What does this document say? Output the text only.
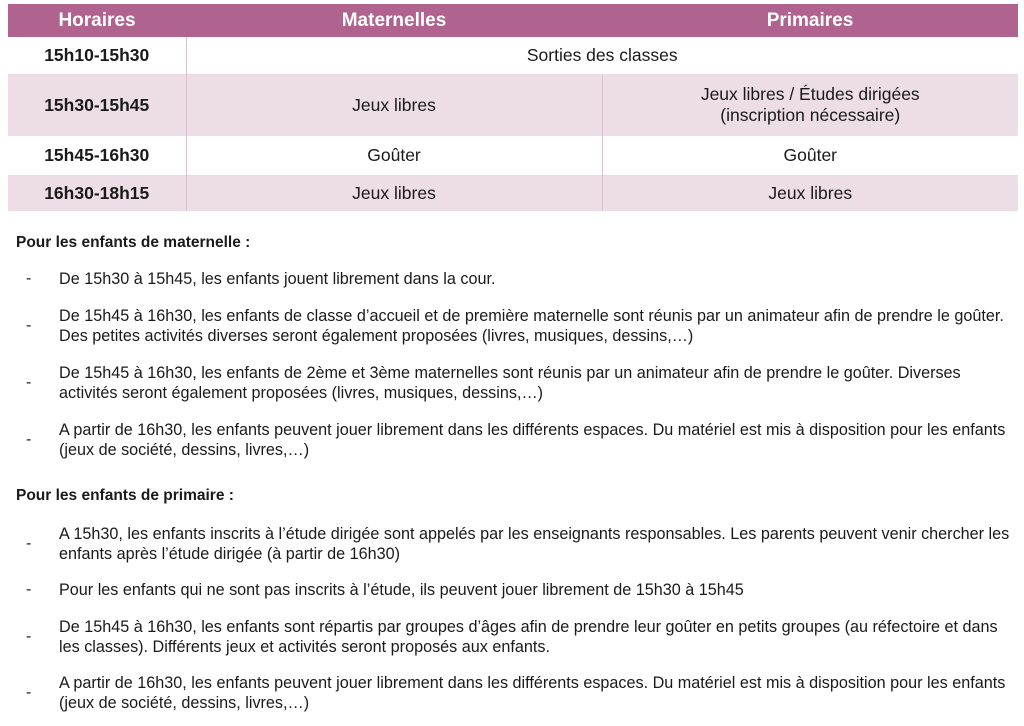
Horaires	Maternelles	Primaires
15h10-15h30	Sorties des classes	
15h30-15h45	Jeux libres	Jeux libres / Études dirigées
(inscription nécessaire)

15h45-16h30	Goûter	Goûter
16h30-18h15	Jeux libres	Jeux libres
Pour les enfants de maternelle :
-	De 15h30 à 15h45, les enfants jouent librement dans la cour.
-
De 15h45 à 16h30, les enfants de classe d’accueil et de première maternelle sont réunis par un animateur afin de prendre le goûter. Des petites activités diverses seront également proposées (livres, musiques, dessins,…)
-
De 15h45 à 16h30, les enfants de 2ème et 3ème maternelles sont réunis par un animateur afin de prendre le goûter. Diverses activités seront également proposées (livres, musiques, dessins,…)
-
A partir de 16h30, les enfants peuvent jouer librement dans les différents espaces. Du matériel est mis à disposition pour les enfants (jeux de société, dessins, livres,…)
Pour les enfants de primaire :
-
A 15h30, les enfants inscrits à l’étude dirigée sont appelés par les enseignants responsables. Les parents peuvent venir chercher les enfants après l’étude dirigée (à partir de 16h30)
-	Pour les enfants qui ne sont pas inscrits à l’étude, ils peuvent jouer librement de 15h30 à 15h45
-
De 15h45 à 16h30, les enfants sont répartis par groupes d’âges afin de prendre leur goûter en petits groupes (au réfectoire et dans les classes). Différents jeux et activités seront proposés aux enfants.
-
A partir de 16h30, les enfants peuvent jouer librement dans les différents espaces. Du matériel est mis à disposition pour les enfants (jeux de société, dessins, livres,…)
